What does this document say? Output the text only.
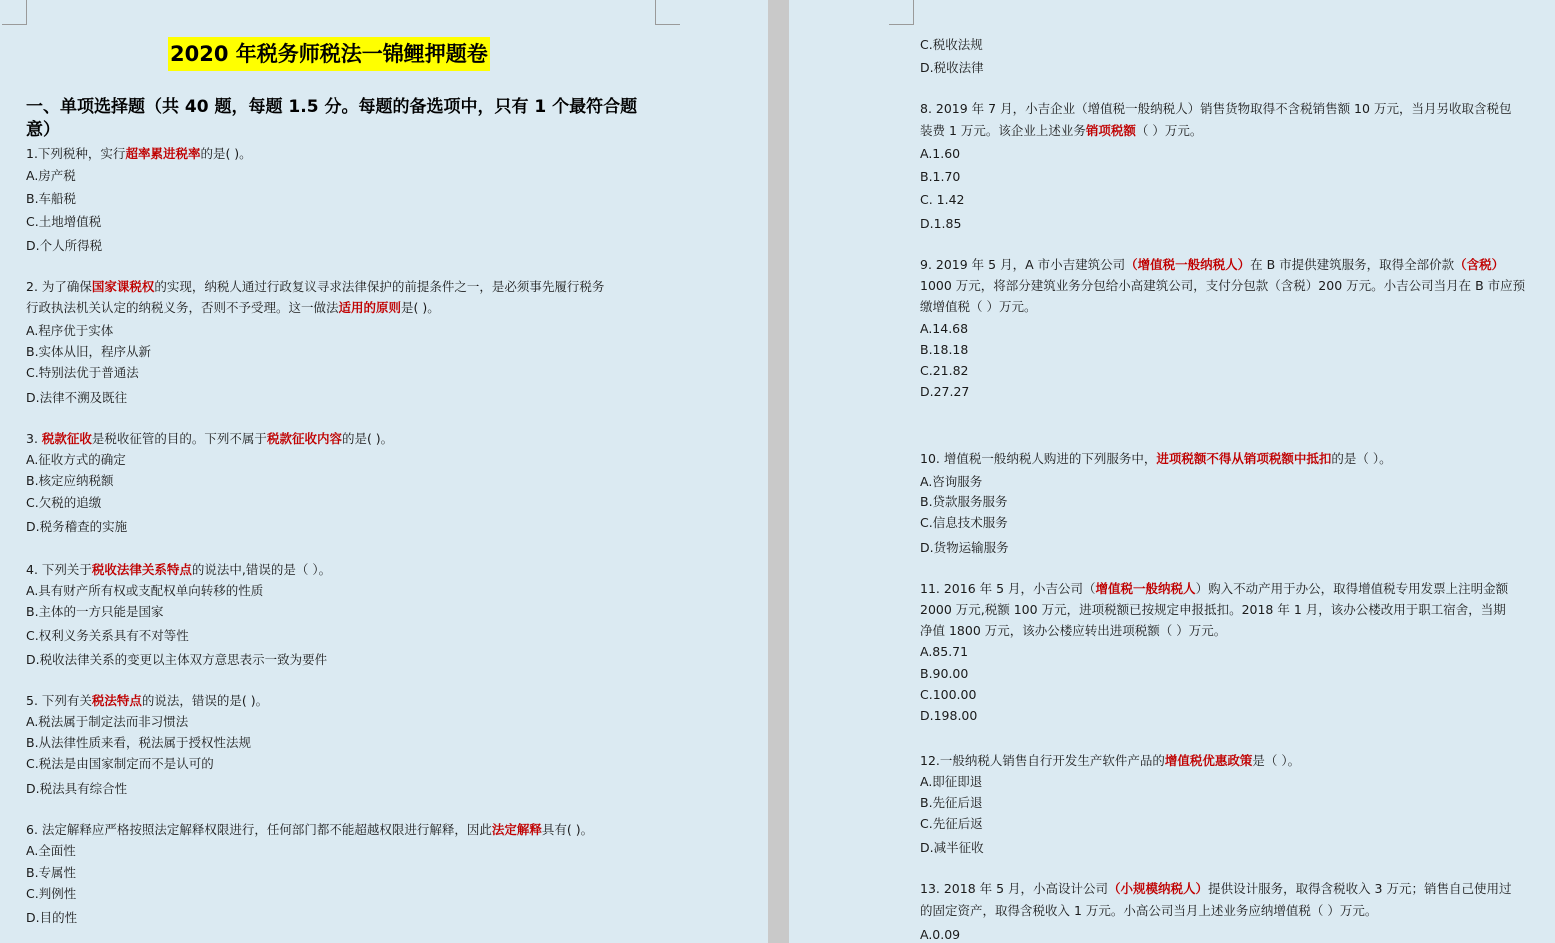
2020 年税务师税法一锦鲤押题卷
一、单项选择题（共 40 题，每题 1.5 分。每题的备选项中，只有 1 个最符合题意）
1.下列税种，实行超率累进税率的是( )。
A.房产税
B.车船税
C.土地增值税
D.个人所得税
2. 为了确保国家课税权的实现，纳税人通过行政复议寻求法律保护的前提条件之一，是必须事先履行税务
行政执法机关认定的纳税义务，否则不予受理。这一做法适用的原则是( )。
A.程序优于实体
B.实体从旧，程序从新
C.特别法优于普通法
D.法律不溯及既往
3. 税款征收是税收征管的目的。下列不属于税款征收内容的是( )。
A.征收方式的确定
B.核定应纳税额
C.欠税的追缴
D.税务稽查的实施
4. 下列关于税收法律关系特点的说法中,错误的是（ ）。
A.具有财产所有权或支配权单向转移的性质
B.主体的一方只能是国家
C.权利义务关系具有不对等性
D.税收法律关系的变更以主体双方意思表示一致为要件
5. 下列有关税法特点的说法，错误的是( )。
A.税法属于制定法而非习惯法
B.从法律性质来看，税法属于授权性法规
C.税法是由国家制定而不是认可的
D.税法具有综合性
6. 法定解释应严格按照法定解释权限进行，任何部门都不能超越权限进行解释，因此法定解释具有( )。
A.全面性
B.专属性
C.判例性
D.目的性
C.税收法规
D.税收法律
8. 2019 年 7 月，小吉企业（增值税一般纳税人）销售货物取得不含税销售额 10 万元，当月另收取含税包
装费 1 万元。该企业上述业务销项税额（ ）万元。
A.1.60
B.1.70
C. 1.42
D.1.85
9. 2019 年 5 月，A 市小吉建筑公司（增值税一般纳税人）在 B 市提供建筑服务，取得全部价款（含税）
1000 万元，将部分建筑业务分包给小高建筑公司，支付分包款（含税）200 万元。小吉公司当月在 B 市应预
缴增值税（ ）万元。
A.14.68
B.18.18
C.21.82
D.27.27
10. 增值税一般纳税人购进的下列服务中，进项税额不得从销项税额中抵扣的是（ ）。
A.咨询服务
B.贷款服务服务
C.信息技术服务
D.货物运输服务
11. 2016 年 5 月，小吉公司（增值税一般纳税人）购入不动产用于办公，取得增值税专用发票上注明金额
2000 万元,税额 100 万元，进项税额已按规定申报抵扣。2018 年 1 月，该办公楼改用于职工宿舍，当期
净值 1800 万元，该办公楼应转出进项税额（ ）万元。
A.85.71
B.90.00
C.100.00
D.198.00
12.一般纳税人销售自行开发生产软件产品的增值税优惠政策是（ ）。
A.即征即退
B.先征后退
C.先征后返
D.减半征收
13. 2018 年 5 月，小高设计公司（小规模纳税人）提供设计服务，取得含税收入 3 万元；销售自己使用过
的固定资产，取得含税收入 1 万元。小高公司当月上述业务应纳增值税（ ）万元。
A.0.09
